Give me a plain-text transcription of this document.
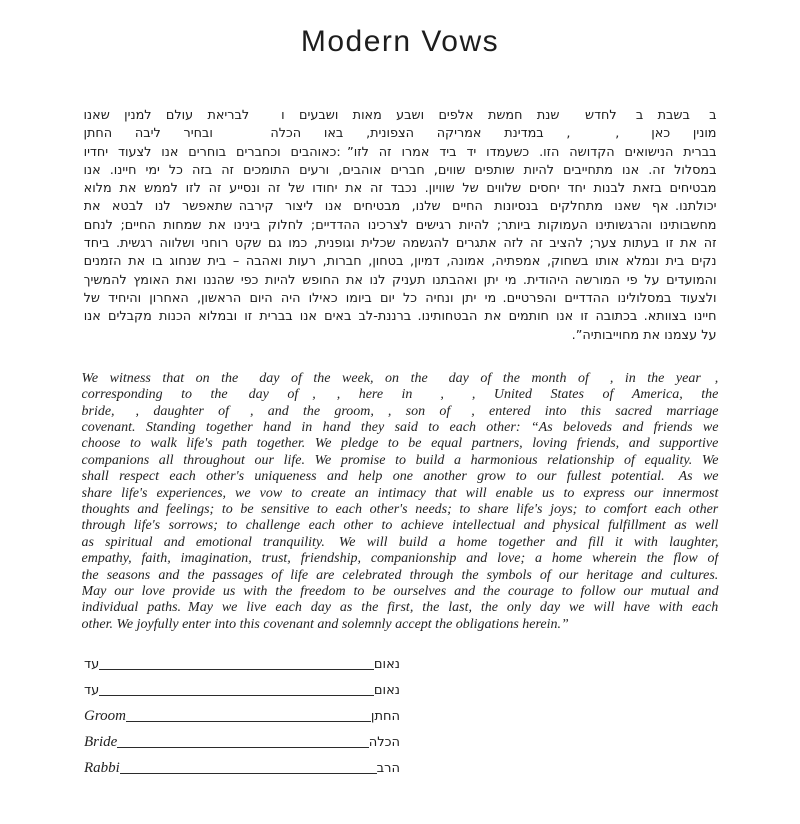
Modern Vows
ב  בשבת
ב  לחדש  שנת
חמשת
אלפים
ושבע
מאות
ושבעים
ו   לבריאת
עולם
למנין
שאנו
מונין
כאן   ,    ,
במדינת
אמריקה
הצפונית,
באו
הכלה     ובחיר
ליבה
החתן
בברית
הנישואים
הקדושה
הזו.
כשעמדו
יד
ביד
אמרו
זה
לזו” :כאוהבים
וכחברים
בוחרים
אנו
לצעוד
יחדיו
במסלול
זה.
אנו
מתחייבים
להיות
שותפים
שווים,
חברים
אוהבים,
ורעים
התומכים
זה
בזה
כל
ימי
חיינו.
אנו
מבטיחים
בזאת
לבנות
יחד
יחסים
שלווים
של
שוויון.
נכבד
זה
את
יחודו
של
זה
ונסייע
זה
לזו
לממש
את
מלוא
יכולתנו. אף
שאנו
מתחלקים
בנסיונות
החיים
שלנו,
מבטיחים
אנו
ליצור
קירבה שתאפשר
לנו
לבטא
את
מחשבותינו
והרגשותינו
העמוקות
ביותר;
להיות
רגישים
לצרכינו
ההדדיים;
לחלוק
בינינו
את
שמחות
החיים;
לנחם
זה
את
זו
בעתות
צער;
להציב
זה
לזה
אתגרים
להגשמה
שכלית
וגופנית,
כמו
גם
שקט
רוחני
ושלווה
רגשית.
ביחד
נקים
בית
ונמלא
אותו
בשחוק,
אמפתיה,
אמונה,
דמיון,
בטחון,
חברות,
רעות
ואהבה
–
בית
שנחוג
בו
את
הזמנים
והמועדים
על
פי
המורשה
היהודית. מי
יתן
ואהבתנו
תעניק
לנו
את
החופש
להיות
כפי
שהננו
ואת
האומץ
להמשיך
ולצעוד
במסלולינו
ההדדיים
והפרטיים. מי
יתן
ונחיה
כל
יום
ביומו
כאילו
היה
היום
הראשון,
האחרון
והיחיד
של
חיינו
בצוותא. בכתובה
זו
אנו
חותמים
את
הבטחותינו. ברננת-לב
באים
אנו
בברית
זו
ובמלוא
הכנות
מקבלים
אנו
על עצמנו את מחוייבותיה”.
We witness that on the  day of the week, on the  day of the month of  , in the year  ,
corresponding to the  day of  ,  , here in  ,  , United States of America, the
bride,  , daughter of  , and the groom,  , son of  , entered into this sacred marriage
covenant. Standing together hand in hand they said to each other: “As beloveds and friends we
choose to walk life's path together. We pledge to be equal partners, loving friends, and supportive
companions all throughout our life. We promise to build a harmonious relationship of equality. We
shall respect each other's uniqueness and help one another grow to our fullest potential. As we
share life's experiences, we vow to create an intimacy that will enable us to express our innermost
thoughts and feelings; to be sensitive to each other's needs; to share life's joys; to comfort each other
through life's sorrows; to challenge each other to achieve intellectual and physical fulfillment as well
as spiritual and emotional tranquility. We will build a home together and fill it with laughter,
empathy, faith, imagination, trust, friendship, companionship and love; a home wherein the flow of
the seasons and the passages of life are celebrated through the symbols of our heritage and cultures.
May our love provide us with the freedom to be ourselves and the courage to follow our mutual and
individual paths. May we live each day as the first, the last, the only day we will have with each
other. We joyfully enter into this covenant and solemnly accept the obligations herein.”
עד	נאום
עד	נאום
Groom	החתן
Bride	הכלה
Rabbi	הרב
